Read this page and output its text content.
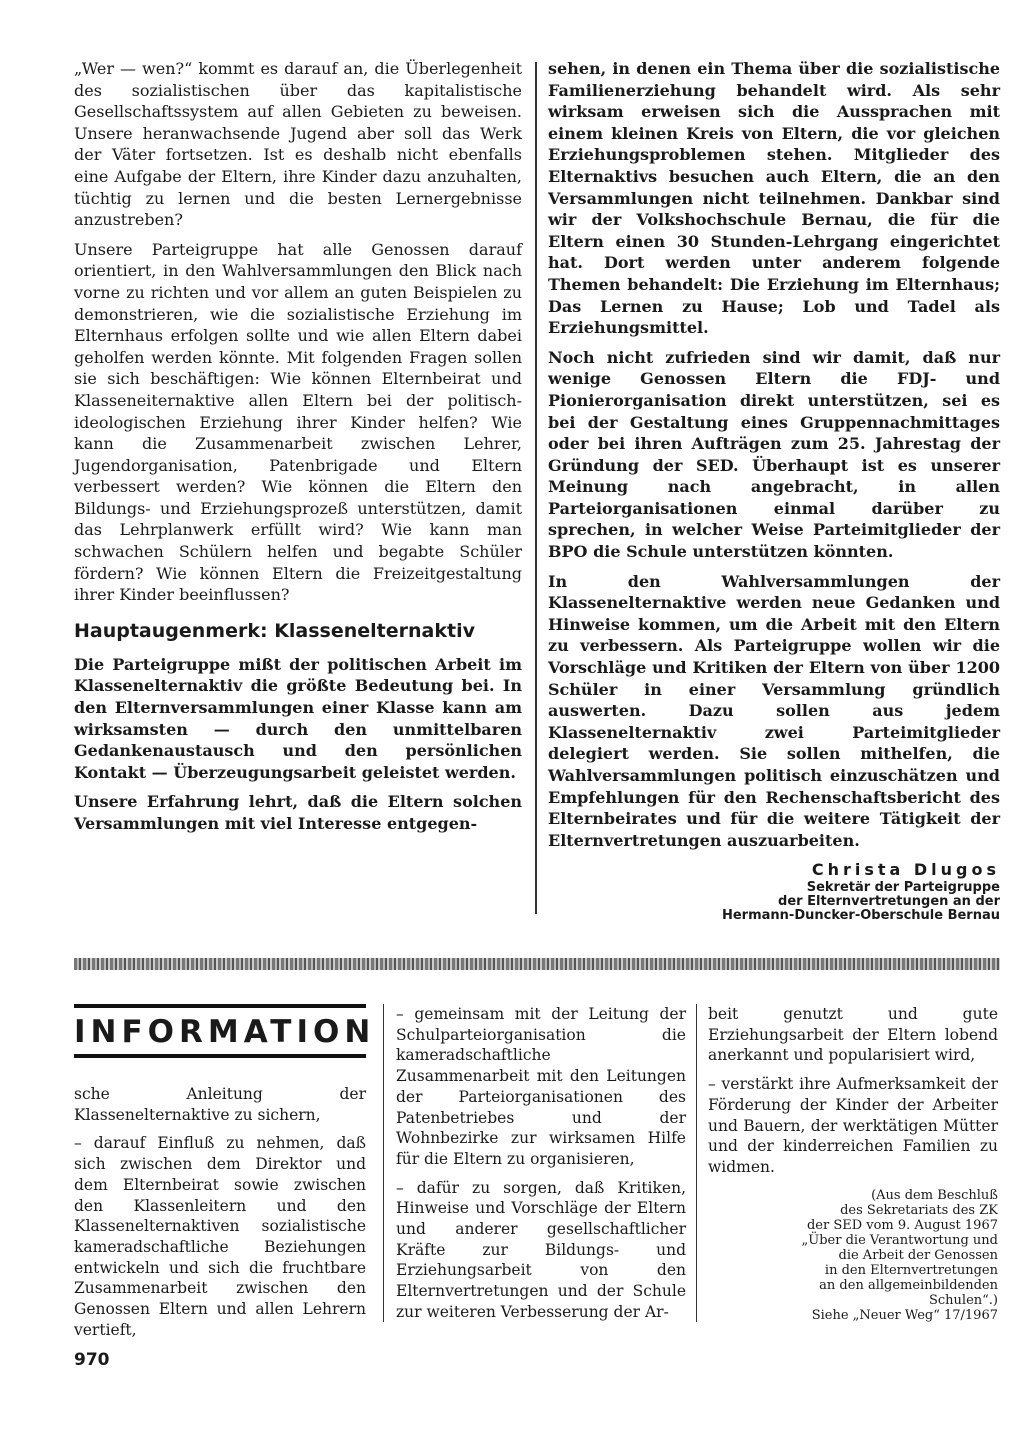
„Wer — wen?“ kommt es darauf an, die Überlegenheit des sozialistischen über das kapitalistische Gesellschaftssystem auf allen Gebieten zu beweisen. Unsere heranwachsende Jugend aber soll das Werk der Väter fortsetzen. Ist es deshalb nicht ebenfalls eine Aufgabe der Eltern, ihre Kinder dazu anzuhalten, tüchtig zu lernen und die besten Lernergebnisse anzustreben?

Unsere Parteigruppe hat alle Genossen darauf orientiert, in den Wahlversammlungen den Blick nach vorne zu richten und vor allem an guten Beispielen zu demonstrieren, wie die sozialistische Erziehung im Elternhaus erfolgen sollte und wie allen Eltern dabei geholfen werden könnte. Mit folgenden Fragen sollen sie sich beschäftigen: Wie können Elternbeirat und Klasseneiternaktive allen Eltern bei der politisch-ideologischen Erziehung ihrer Kinder helfen? Wie kann die Zusammenarbeit zwischen Lehrer, Jugendorganisation, Patenbrigade und Eltern verbessert werden? Wie können die Eltern den Bildungs- und Erziehungsprozeß unterstützen, damit das Lehrplanwerk erfüllt wird? Wie kann man schwachen Schülern helfen und begabte Schüler fördern? Wie können Eltern die Freizeitgestaltung ihrer Kinder beeinflussen?

Hauptaugenmerk: Klassenelternaktiv

Die Parteigruppe mißt der politischen Arbeit im Klassenelternaktiv die größte Bedeutung bei. In den Elternversammlungen einer Klasse kann am wirksamsten — durch den unmittelbaren Gedankenaustausch und den persönlichen Kontakt — Überzeugungsarbeit geleistet werden.

Unsere Erfahrung lehrt, daß die Eltern solchen Versammlungen mit viel Interesse entgegen-

sehen, in denen ein Thema über die sozialistische Familienerziehung behandelt wird. Als sehr wirksam erweisen sich die Aussprachen mit einem kleinen Kreis von Eltern, die vor gleichen Erziehungsproblemen stehen. Mitglieder des Elternaktivs besuchen auch Eltern, die an den Versammlungen nicht teilnehmen. Dankbar sind wir der Volkshochschule Bernau, die für die Eltern einen 30 Stunden-Lehrgang eingerichtet hat. Dort werden unter anderem folgende Themen behandelt: Die Erziehung im Elternhaus; Das Lernen zu Hause; Lob und Tadel als Erziehungsmittel.

Noch nicht zufrieden sind wir damit, daß nur wenige Genossen Eltern die FDJ- und Pionierorganisation direkt unterstützen, sei es bei der Gestaltung eines Gruppennachmittages oder bei ihren Aufträgen zum 25. Jahrestag der Gründung der SED. Überhaupt ist es unserer Meinung nach angebracht, in allen Parteiorganisationen einmal darüber zu sprechen, in welcher Weise Parteimitglieder der BPO die Schule unterstützen könnten.

In den Wahlversammlungen der Klassenelternaktive werden neue Gedanken und Hinweise kommen, um die Arbeit mit den Eltern zu verbessern. Als Parteigruppe wollen wir die Vorschläge und Kritiken der Eltern von über 1200 Schüler in einer Versammlung gründlich auswerten. Dazu sollen aus jedem Klassenelternaktiv zwei Parteimitglieder delegiert werden. Sie sollen mithelfen, die Wahlversammlungen politisch einzuschätzen und Empfehlungen für den Rechenschaftsbericht des Elternbeirates und für die weitere Tätigkeit der Elternvertretungen auszuarbeiten.

Christa Dlugos
Sekretär der Parteigruppe
der Elternvertretungen an der
Hermann-Duncker-Oberschule Bernau
INFORMATION

sche Anleitung der Klassenelternaktive zu sichern,

– darauf Einfluß zu nehmen, daß sich zwischen dem Direktor und dem Elternbeirat sowie zwischen den Klassenleitern und den Klassenelternaktiven sozialistische kameradschaftliche Beziehungen entwickeln und sich die fruchtbare Zusammenarbeit zwischen den Genossen Eltern und allen Lehrern vertieft,

– gemeinsam mit der Leitung der Schulparteiorganisation die kameradschaftliche Zusammenarbeit mit den Leitungen der Parteiorganisationen des Patenbetriebes und der Wohnbezirke zur wirksamen Hilfe für die Eltern zu organisieren,

– dafür zu sorgen, daß Kritiken, Hinweise und Vorschläge der Eltern und anderer gesellschaftlicher Kräfte zur Bildungs- und Erziehungsarbeit von den Elternvertretungen und der Schule zur weiteren Verbesserung der Ar-

beit genutzt und gute Erziehungsarbeit der Eltern lobend anerkannt und popularisiert wird,

– verstärkt ihre Aufmerksamkeit der Förderung der Kinder der Arbeiter und Bauern, der werktätigen Mütter und der kinderreichen Familien zu widmen.

(Aus dem Beschluß
des Sekretariats des ZK
der SED vom 9. August 1967
„Über die Verantwortung und
die Arbeit der Genossen
in den Elternvertretungen
an den allgemeinbildenden
Schulen“.)
Siehe „Neuer Weg“ 17/1967
970
